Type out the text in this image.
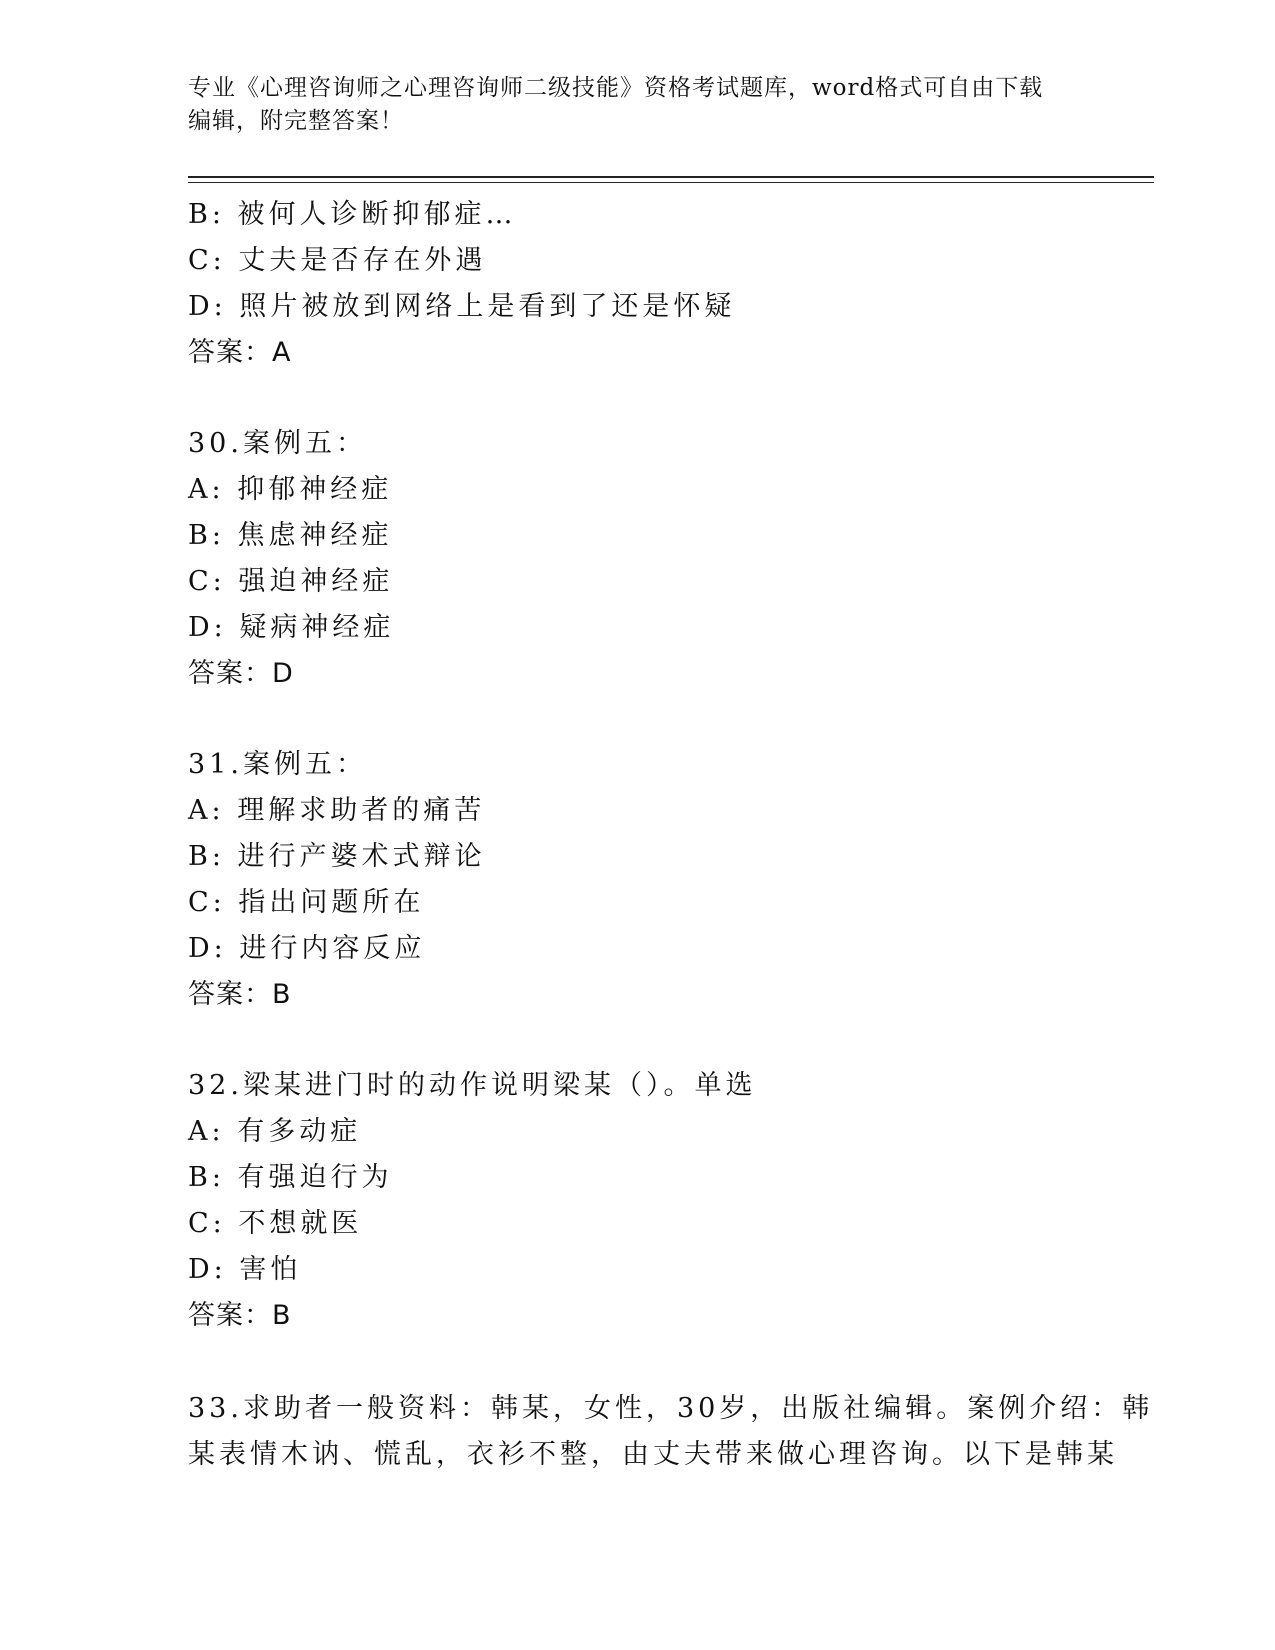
专业《心理咨询师之心理咨询师二级技能》资格考试题库，word格式可自由下载
编辑，附完整答案！
B: 被何人诊断抑郁症…
C: 丈夫是否存在外遇
D: 照片被放到网络上是看到了还是怀疑
答案：A
30.案例五：
A: 抑郁神经症
B: 焦虑神经症
C: 强迫神经症
D: 疑病神经症
答案：D
31.案例五：
A: 理解求助者的痛苦
B: 进行产婆术式辩论
C: 指出问题所在
D: 进行内容反应
答案：B
32.梁某进门时的动作说明梁某（）。单选
A: 有多动症
B: 有强迫行为
C: 不想就医
D: 害怕
答案：B
33.求助者一般资料：韩某，女性，30岁，出版社编辑。案例介绍：韩
某表情木讷、慌乱，衣衫不整，由丈夫带来做心理咨询。以下是韩某
